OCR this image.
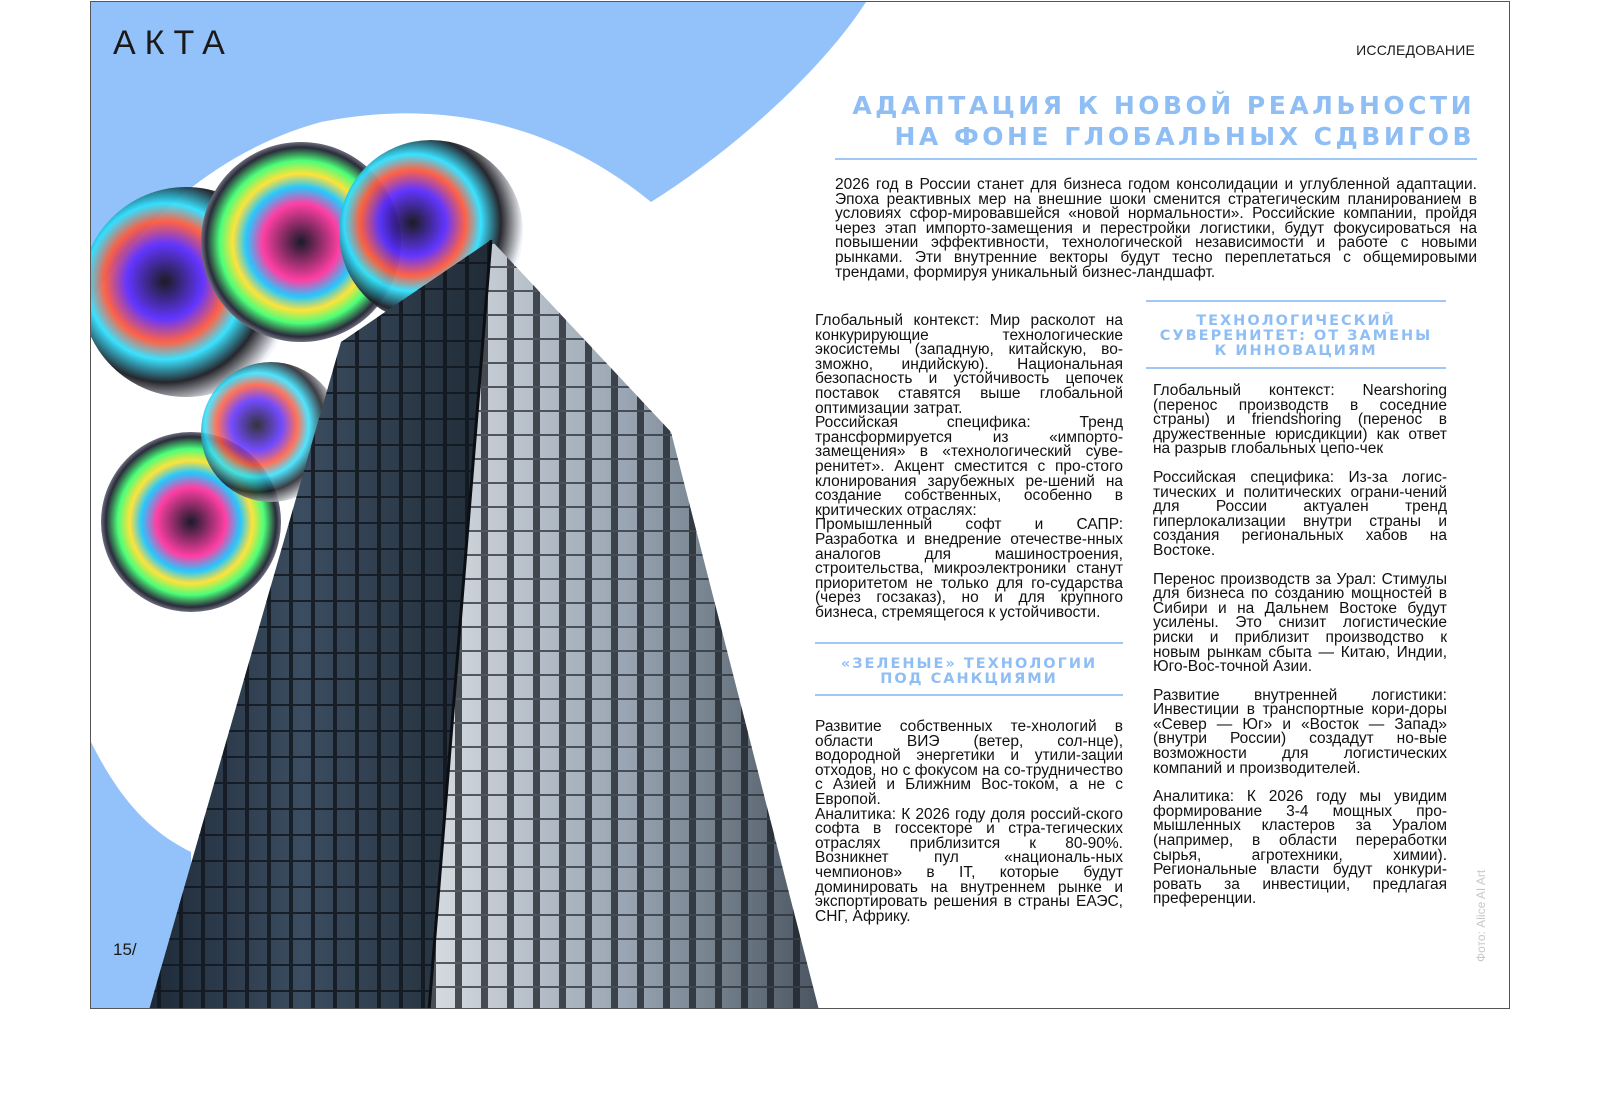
АКТА	ИССЛЕДОВАНИЕ
АДАПТАЦИЯ К НОВОЙ РЕАЛЬНОСТИ
НА ФОНЕ ГЛОБАЛЬНЫХ СДВИГОВ

2026 год в России станет для бизнеса годом консолидации и углубленной адаптации. Эпоха реактивных мер на внешние шоки сменится стратегическим планированием в условиях сфор-мировавшейся «новой нормальности». Российские компании, пройдя через этап импорто-замещения и перестройки логистики, будут фокусироваться на повышении эффективности, технологической независимости и работе с новыми рынками. Эти внутренние векторы будут тесно переплетаться с общемировыми трендами, формируя уникальный бизнес-ландшафт.

Глобальный контекст: Мир расколот на конкурирующие технологические экосистемы (западную, китайскую, во-зможно, индийскую). Национальная безопасность и устойчивость цепочек поставок ставятся выше глобальной оптимизации затрат.

Российская специфика: Тренд трансформируется из «импорто-замещения» в «технологический суве-ренитет». Акцент сместится с про-стого клонирования зарубежных ре-шений на создание собственных, особенно в критических отраслях:

Промышленный софт и САПР: Разработка и внедрение отечестве-нных аналогов для машиностроения, строительства, микроэлектроники станут приоритетом не только для го-сударства (через госзаказ), но и для крупного бизнеса, стремящегося к устойчивости.

«ЗЕЛЕНЫЕ» ТЕХНОЛОГИИ
ПОД САНКЦИЯМИ

Развитие собственных те-хнологий в области ВИЭ (ветер, сол-нце), водородной энергетики и утили-зации отходов, но с фокусом на со-трудничество с Азией и Ближним Вос-током, а не с Европой.

Аналитика: К 2026 году доля россий-ского софта в госсекторе и стра-тегических отраслях приблизится к 80-90%. Возникнет пул «националь-ных чемпионов» в IT, которые будут доминировать на внутреннем рынке и экспортировать решения в страны ЕАЭС, СНГ, Африку.

ТЕХНОЛОГИЧЕСКИЙ
СУВЕРЕНИТЕТ: ОТ ЗАМЕНЫ
К ИННОВАЦИЯМ

Глобальный контекст: Nearshoring (перенос производств в соседние страны) и friendshoring (перенос в дружественные юрисдикции) как ответ на разрыв глобальных цепо-чек

Российская специфика: Из-за логис-тических и политических ограни-чений для России актуален тренд гиперлокализации внутри страны и создания региональных хабов на Востоке.

Перенос производств за Урал: Стимулы для бизнеса по созданию мощностей в Сибири и на Дальнем Востоке будут усилены. Это снизит логистические риски и приблизит производство к новым рынкам сбыта — Китаю, Индии, Юго-Вос-точной Азии.

Развитие внутренней логистики: Инвестиции в транспортные кори-доры «Север — Юг» и «Восток — Запад» (внутри России) создадут но-вые возможности для логистических компаний и производителей.

Аналитика: К 2026 году мы увидим формирование 3-4 мощных про-мышленных кластеров за Уралом (например, в области переработки сырья, агротехники, химии). Региональные власти будут конкури-ровать за инвестиции, предлагая преференции.

15/	Фото: Alice AI Art
